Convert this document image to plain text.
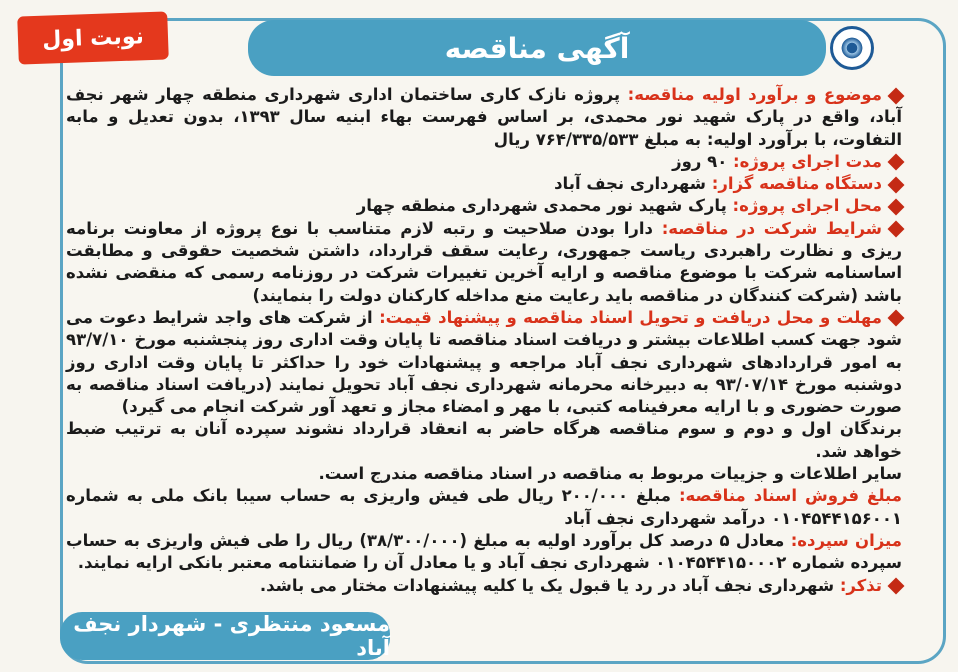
نوبت اول	آگهی مناقصه

موضوع و برآورد اولیه مناقصه: پروژه نازک کاری ساختمان اداری شهرداری منطقه چهار شهر نجف آباد، واقع در پارک شهید نور محمدی، بر اساس فهرست بهاء ابنیه سال ۱۳۹۳، بدون تعدیل و مابه التفاوت، با برآورد اولیه: به مبلغ ۷۶۴/۳۳۵/۵۳۳ ریال

مدت اجرای پروژه: ۹۰ روز

دستگاه مناقصه گزار: شهرداری نجف آباد

محل اجرای پروژه: پارک شهید نور محمدی شهرداری منطقه چهار

شرایط شرکت در مناقصه: دارا بودن صلاحیت و رتبه لازم متناسب با نوع پروژه از معاونت برنامه ریزی و نظارت راهبردی ریاست جمهوری، رعایت سقف قرارداد، داشتن شخصیت حقوقی و مطابقت اساسنامه شرکت با موضوع مناقصه و ارایه آخرین تغییرات شرکت در روزنامه رسمی که منقضی نشده باشد (شرکت کنندگان در مناقصه باید رعایت منع مداخله کارکنان دولت را بنمایند)

مهلت و محل دریافت و تحویل اسناد مناقصه و پیشنهاد قیمت: از شرکت های واجد شرایط دعوت می شود جهت کسب اطلاعات بیشتر و دریافت اسناد مناقصه تا پایان وقت اداری روز پنجشنبه مورخ ۹۳/۷/۱۰ به امور قراردادهای شهرداری نجف آباد مراجعه و پیشنهادات خود را حداکثر تا پایان وقت اداری روز دوشنبه مورخ ۹۳/۰۷/۱۴ به دبیرخانه محرمانه شهرداری نجف آباد تحویل نمایند (دریافت اسناد مناقصه به صورت حضوری و با ارایه معرفینامه کتبی، با مهر و امضاء مجاز و تعهد آور شرکت انجام می گیرد)

برندگان اول و دوم و سوم مناقصه هرگاه حاضر به انعقاد قرارداد نشوند سپرده آنان به ترتیب ضبط خواهد شد.

سایر اطلاعات و جزییات مربوط به مناقصه در اسناد مناقصه مندرج است.

مبلغ فروش اسناد مناقصه: مبلغ ۲۰۰/۰۰۰ ریال طی فیش واریزی به حساب سیبا بانک ملی به شماره ۰۱۰۴۵۴۴۱۵۶۰۰۱ درآمد شهرداری نجف آباد

میزان سپرده: معادل ۵ درصد کل برآورد اولیه به مبلغ (۳۸/۳۰۰/۰۰۰) ریال را طی فیش واریزی به حساب سپرده شماره ۰۱۰۴۵۴۴۱۵۰۰۰۲ شهرداری نجف آباد و یا معادل آن را ضمانتنامه معتبر بانکی ارایه نمایند.

تذکر: شهرداری نجف آباد در رد یا قبول یک یا کلیه پیشنهادات مختار می باشد.

مسعود منتظری - شهردار نجف آباد
